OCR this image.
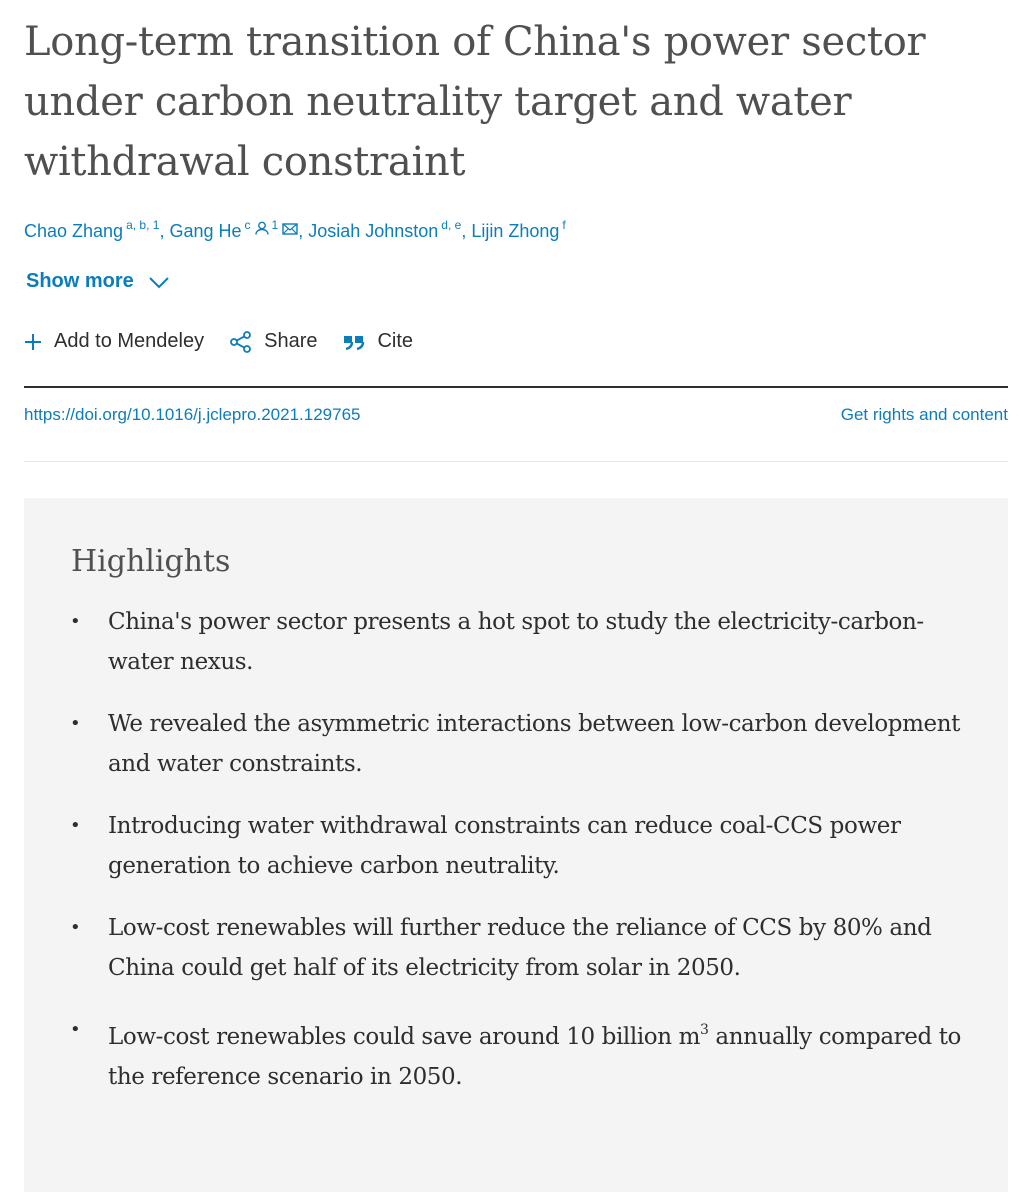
Long-term transition of China's power sector under carbon neutrality target and water withdrawal constraint
Chao Zhang $^{a, b, 1}$, Gang He $^c$ $^1$ , Josiah Johnston $^{d, e}$, Lijin Zhong $^f$
Show more
Add to Mendeley	Share	Cite
https://doi.org/10.1016/j.jclepro.2021.129765	Get rights and content
Highlights
• China's power sector presents a hot spot to study the electricity-carbon-water nexus.
• We revealed the asymmetric interactions between low-carbon development and water constraints.
• Introducing water withdrawal constraints can reduce coal-CCS power generation to achieve carbon neutrality.
• Low-cost renewables will further reduce the reliance of CCS by 80% and China could get half of its electricity from solar in 2050.
• Low-cost renewables could save around 10 billion $m^3$ annually compared to the reference scenario in 2050.
